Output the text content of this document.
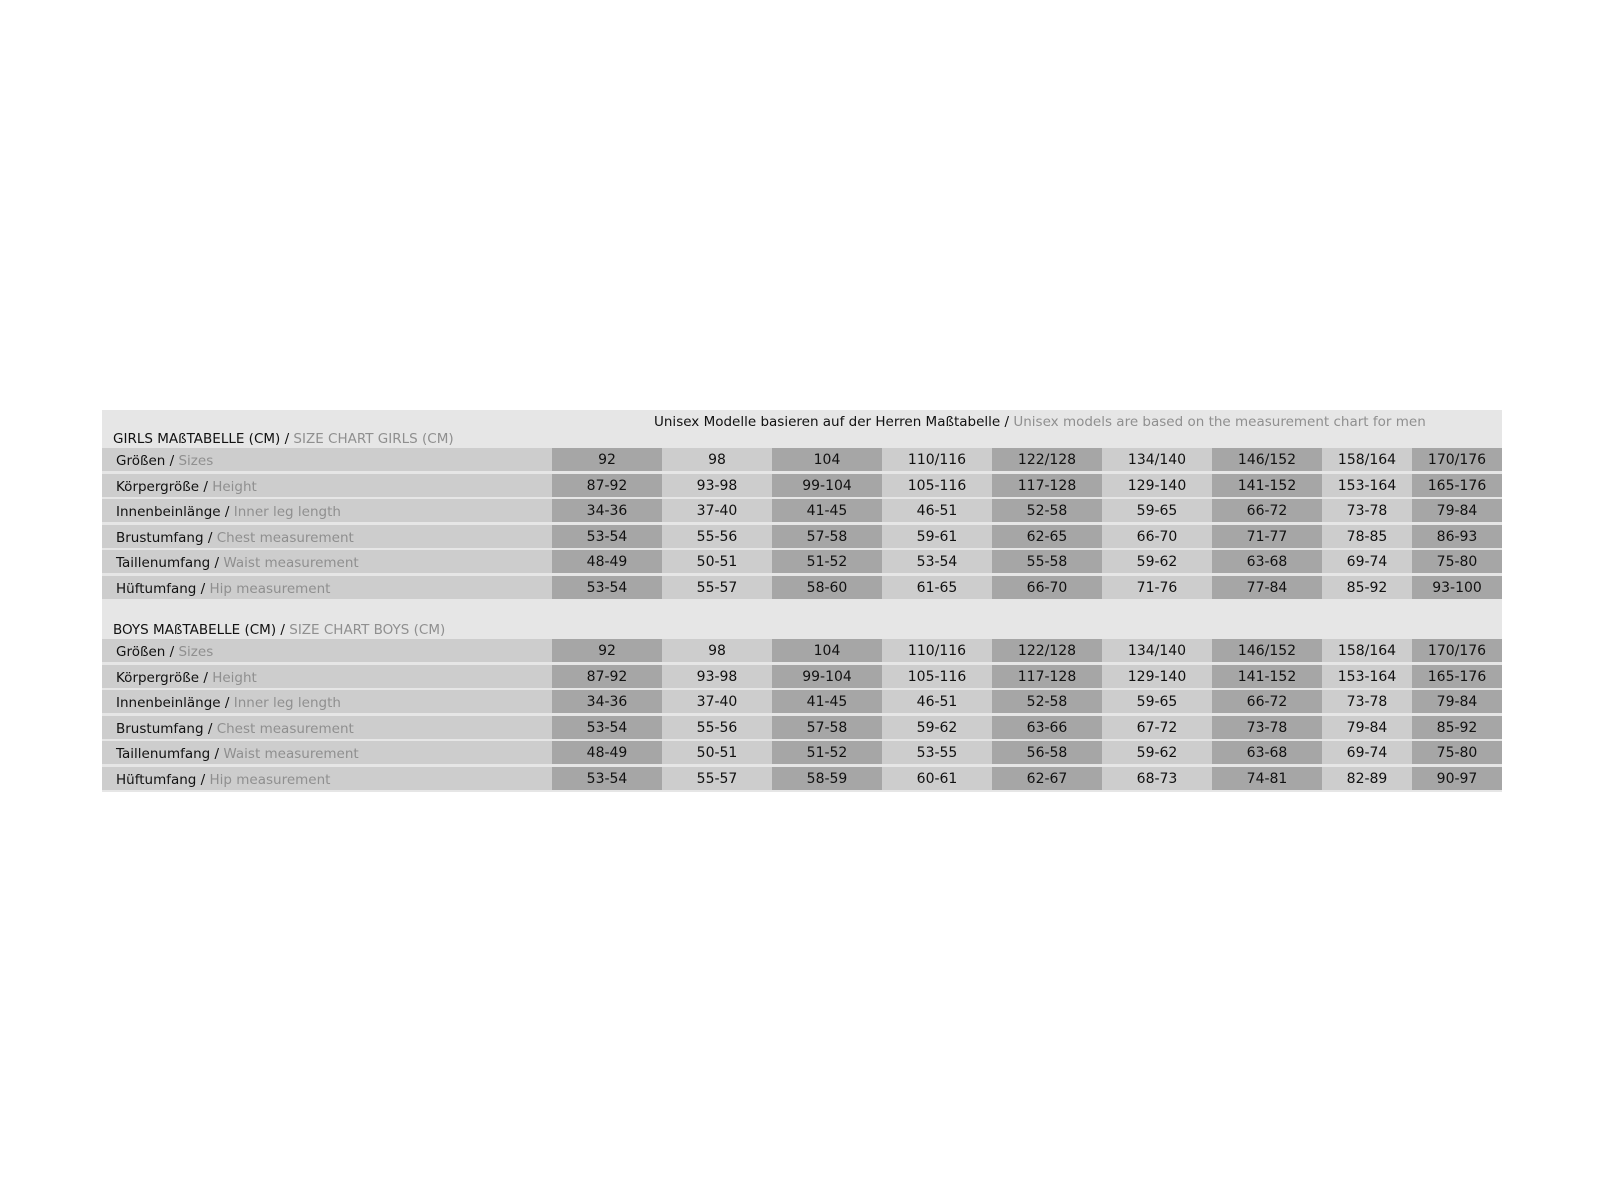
Unisex Modelle basieren auf der Herren Maßtabelle / Unisex models are based on the measurement chart for men
GIRLS MAßTABELLE (CM) / SIZE CHART GIRLS (CM)
BOYS MAßTABELLE (CM) / SIZE CHART BOYS (CM)
Größen / Sizes	92	98	104	110/116	122/128	134/140	146/152	158/164	170/176
Körpergröße / Height	87-92	93-98	99-104	105-116	117-128	129-140	141-152	153-164	165-176
Innenbeinlänge / Inner leg length	34-36	37-40	41-45	46-51	52-58	59-65	66-72	73-78	79-84
Brustumfang / Chest measurement	53-54	55-56	57-58	59-61	62-65	66-70	71-77	78-85	86-93
Taillenumfang / Waist measurement	48-49	50-51	51-52	53-54	55-58	59-62	63-68	69-74	75-80
Hüftumfang / Hip measurement	53-54	55-57	58-60	61-65	66-70	71-76	77-84	85-92	93-100
Größen / Sizes	92	98	104	110/116	122/128	134/140	146/152	158/164	170/176
Körpergröße / Height	87-92	93-98	99-104	105-116	117-128	129-140	141-152	153-164	165-176
Innenbeinlänge / Inner leg length	34-36	37-40	41-45	46-51	52-58	59-65	66-72	73-78	79-84
Brustumfang / Chest measurement	53-54	55-56	57-58	59-62	63-66	67-72	73-78	79-84	85-92
Taillenumfang / Waist measurement	48-49	50-51	51-52	53-55	56-58	59-62	63-68	69-74	75-80
Hüftumfang / Hip measurement	53-54	55-57	58-59	60-61	62-67	68-73	74-81	82-89	90-97
